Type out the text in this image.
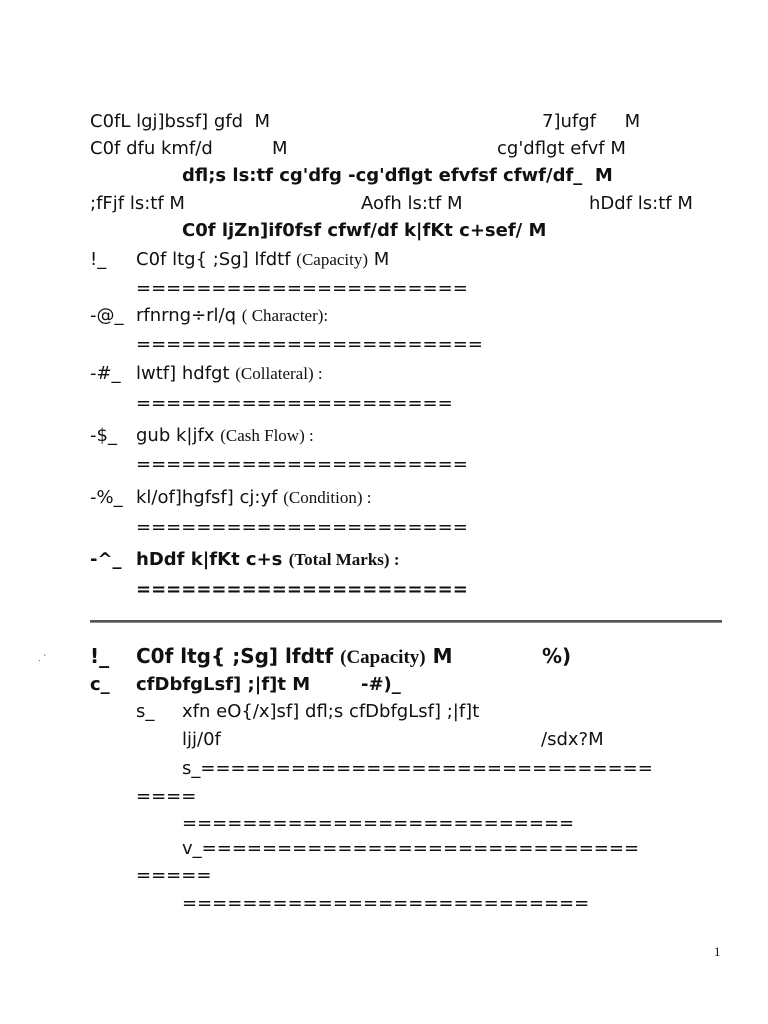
C0fL lgj]bssf] gfd  M	7]ufgf     M
C0f dfu kmf/d	M	cg'dflgt efvf M
dfl;s ls:tf cg'dfg -cg'dflgt efvfsf cfwf/df_  M
;fFjf ls:tf M	Aofh ls:tf M	hDdf ls:tf M
C0f ljZn]if0fsf cfwf/df k|fKt c+sef/ M
!_ C0f ltg{ ;Sg] lfdtf (Capacity) M
======================
-@_ rfnrng÷rl/q ( Character):
=======================
-#_ lwtf] hdfgt (Collateral) :
=====================
-$_ gub k|jfx (Cash Flow) :
======================
-%_ kl/of]hgfsf] cj:yf (Condition) :
======================
-^_ hDdf k|fKt c+s (Total Marks) :
======================
. ` !_ C0f ltg{ ;Sg] lfdtf (Capacity) M	%)
c_ cfDbfgLsf] ;|f]t M	-#)_
s_ xfn eO{/x]sf] dfl;s cfDbfgLsf] ;|f]t
ljj/0f	/sdx?M
s_==============================
====
==========================
v_=============================
=====
===========================
1
